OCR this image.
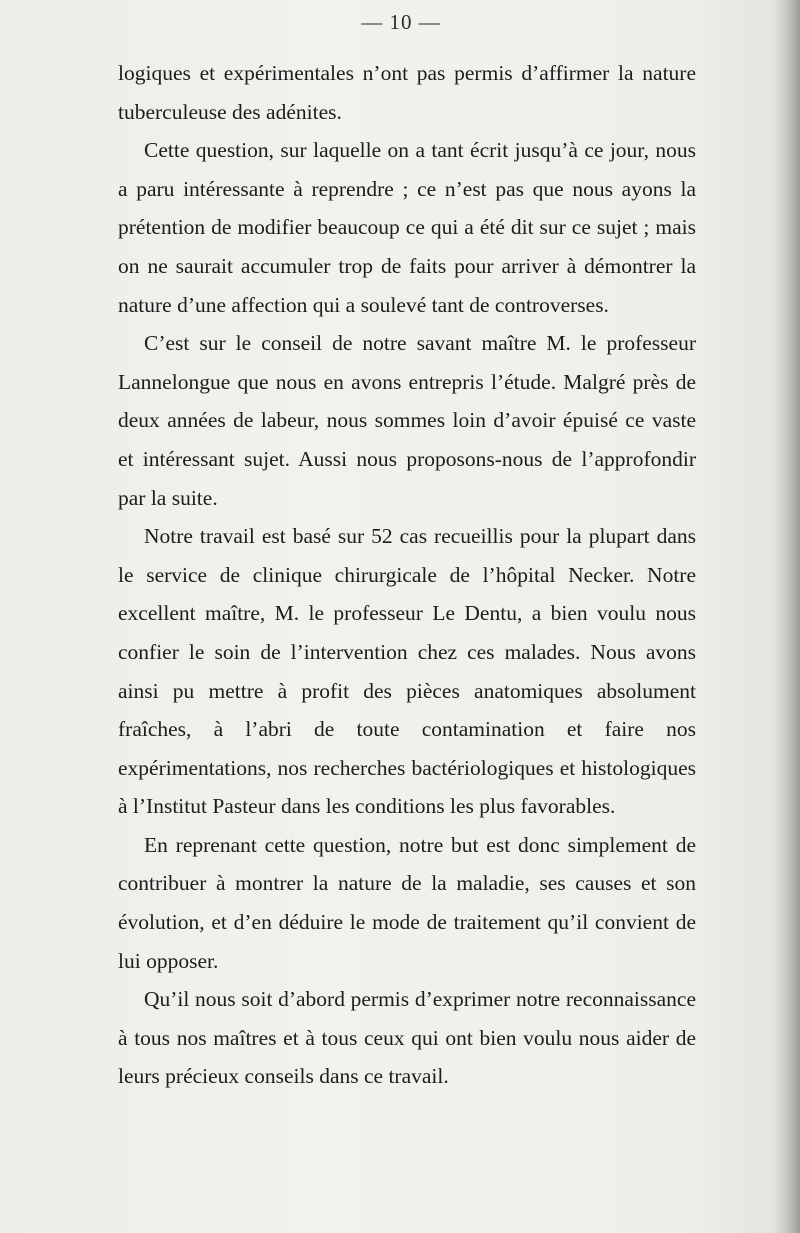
— 10 —

logiques et expérimentales n’ont pas permis d’affirmer la nature tuberculeuse des adénites.

Cette question, sur laquelle on a tant écrit jusqu’à ce jour, nous a paru intéressante à reprendre ; ce n’est pas que nous ayons la prétention de modifier beaucoup ce qui a été dit sur ce sujet ; mais on ne saurait accumuler trop de faits pour arriver à démontrer la nature d’une affection qui a soulevé tant de controverses.

C’est sur le conseil de notre savant maître M. le professeur Lannelongue que nous en avons entrepris l’étude. Malgré près de deux années de labeur, nous sommes loin d’avoir épuisé ce vaste et intéressant sujet. Aussi nous proposons-nous de l’approfondir par la suite.

Notre travail est basé sur 52 cas recueillis pour la plupart dans le service de clinique chirurgicale de l’hôpital Necker. Notre excellent maître, M. le professeur Le Dentu, a bien voulu nous confier le soin de l’intervention chez ces malades. Nous avons ainsi pu mettre à profit des pièces anatomiques absolument fraîches, à l’abri de toute contamination et faire nos expérimentations, nos recherches bactériologiques et histologiques à l’Institut Pasteur dans les conditions les plus favorables.

En reprenant cette question, notre but est donc simplement de contribuer à montrer la nature de la maladie, ses causes et son évolution, et d’en déduire le mode de traitement qu’il convient de lui opposer.

Qu’il nous soit d’abord permis d’exprimer notre reconnaissance à tous nos maîtres et à tous ceux qui ont bien voulu nous aider de leurs précieux conseils dans ce travail.
